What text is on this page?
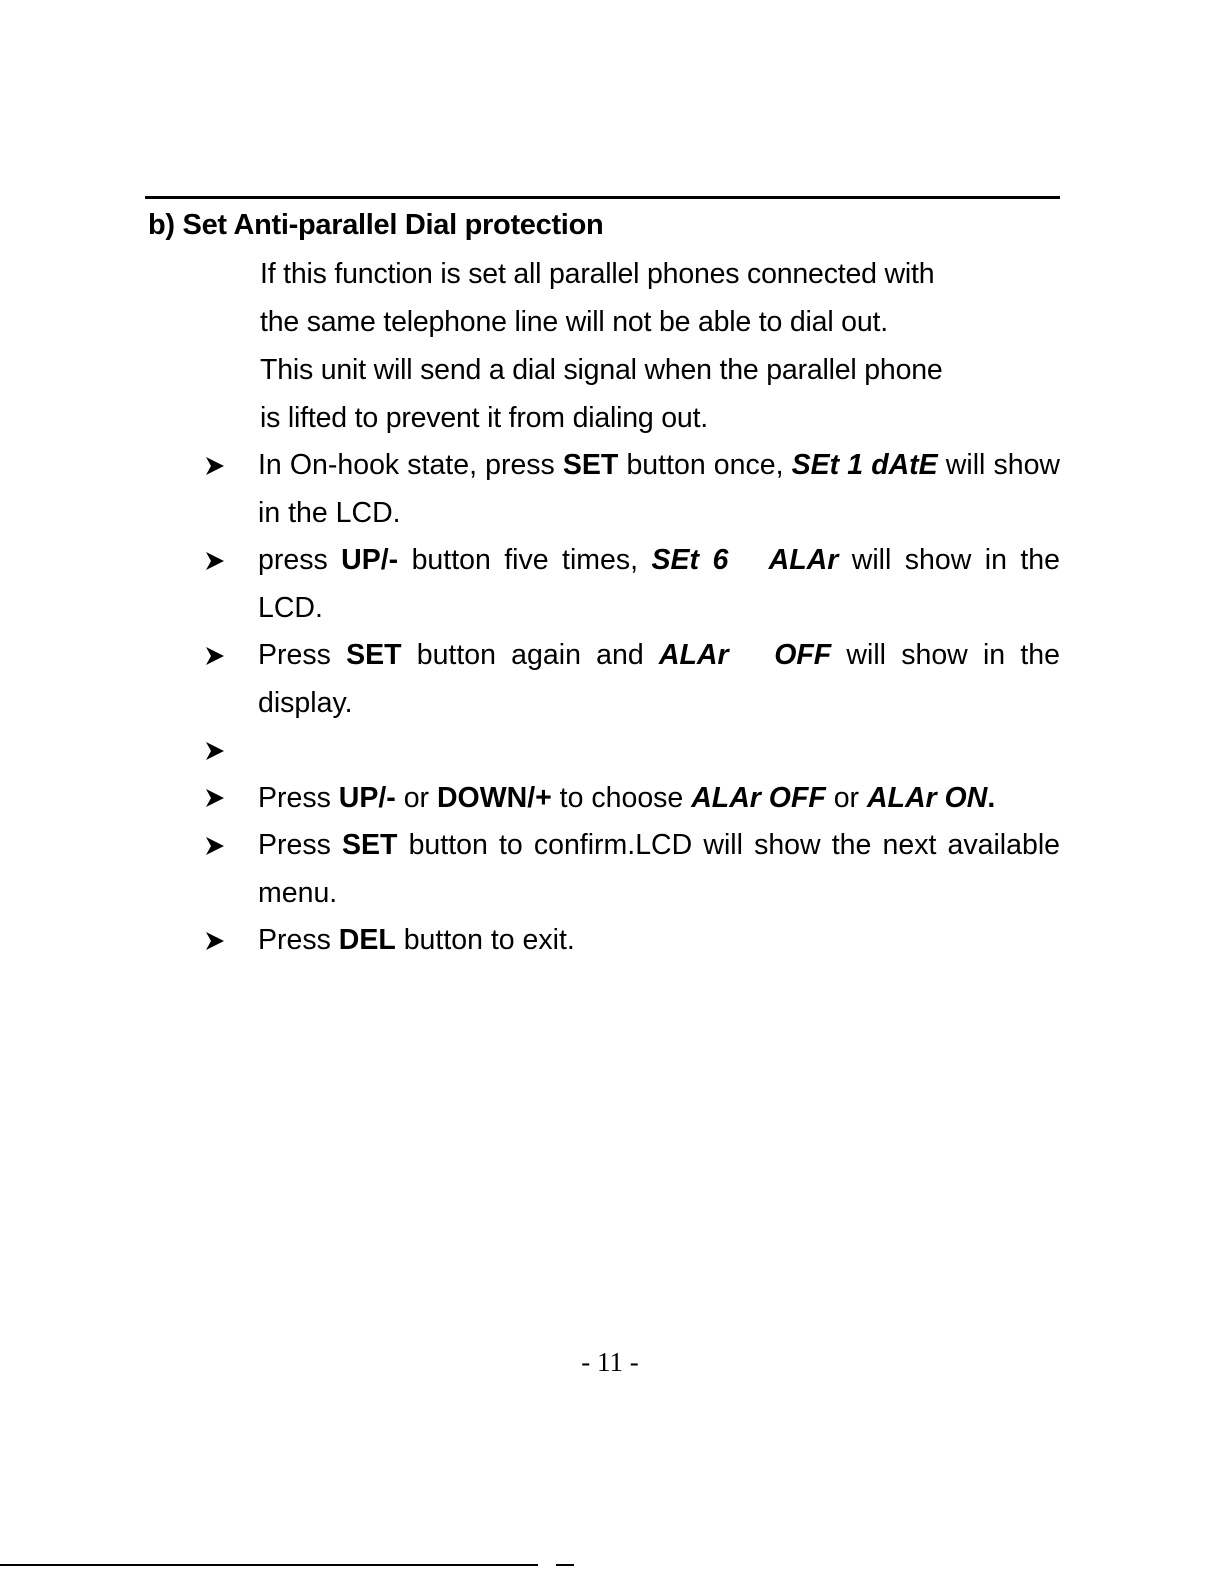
b) Set Anti-parallel Dial protection

If this function is set all parallel phones connected with

the same telephone line will not be able to dial out.

This unit will send a dial signal when the parallel phone

is lifted to prevent it from dialing out.

In On-hook state, press SET button once, SEt 1 dAtE will show in the LCD.
press UP/- button five times, SEt 6   ALAr will show in the LCD.
Press SET button again and ALAr   OFF will show in the display.
Press UP/- or DOWN/+ to choose ALAr OFF or ALAr ON.
Press SET button to confirm.LCD will show the next available menu.
Press DEL button to exit.
- 11 -
